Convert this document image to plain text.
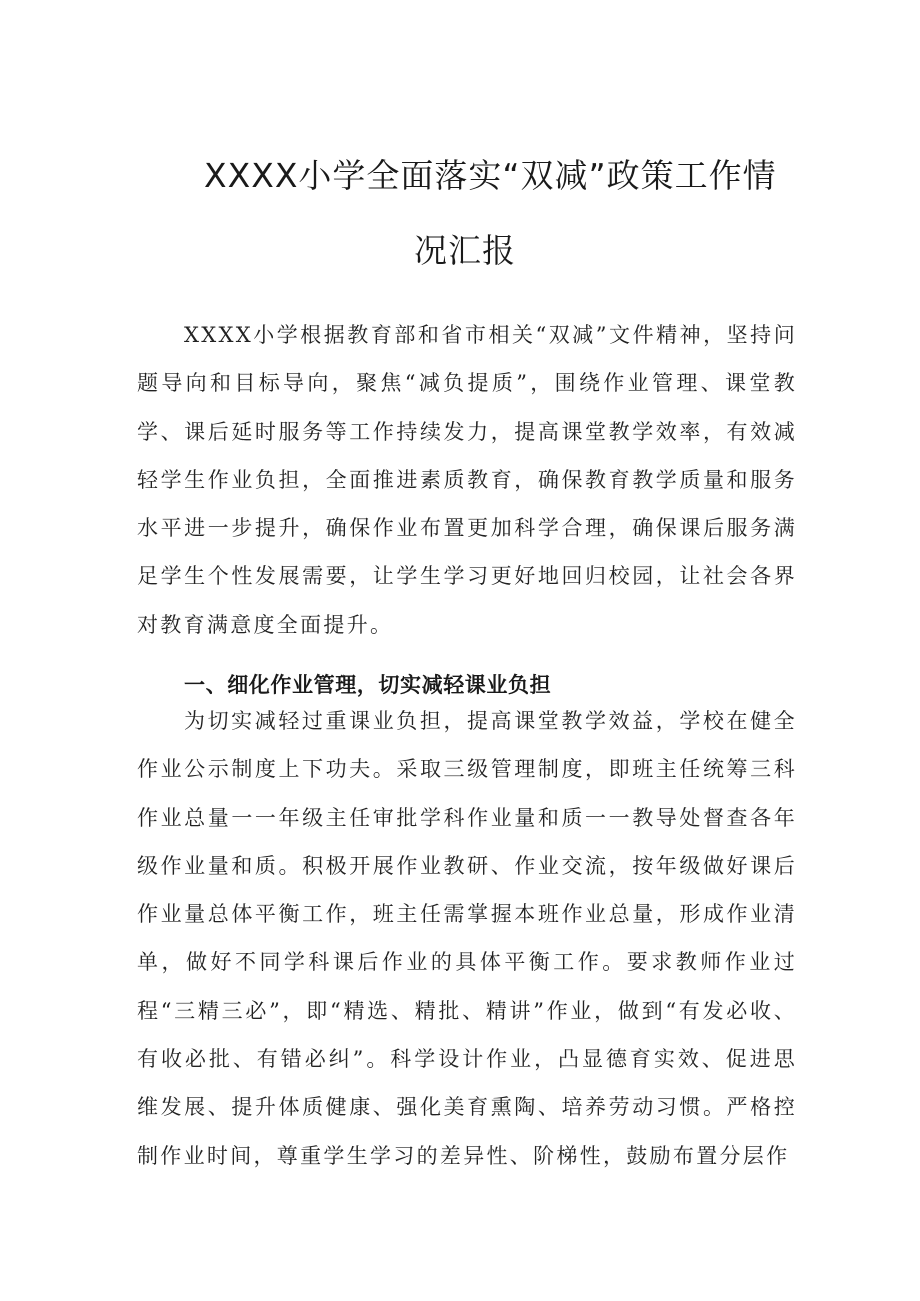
XXXX小学全面落实“双减”政策工作情
况汇报

XXXX小学根据教育部和省市相关“双减”文件精神，坚持问题导向和目标导向，聚焦“减负提质”，围绕作业管理、课堂教学、课后延时服务等工作持续发力，提高课堂教学效率，有效减轻学生作业负担，全面推进素质教育，确保教育教学质量和服务水平进一步提升，确保作业布置更加科学合理，确保课后服务满足学生个性发展需要，让学生学习更好地回归校园，让社会各界对教育满意度全面提升。

一、细化作业管理，切实减轻课业负担

为切实减轻过重课业负担，提高课堂教学效益，学校在健全作业公示制度上下功夫。采取三级管理制度，即班主任统筹三科作业总量一一年级主任审批学科作业量和质一一教导处督查各年级作业量和质。积极开展作业教研、作业交流，按年级做好课后作业量总体平衡工作，班主任需掌握本班作业总量，形成作业清单，做好不同学科课后作业的具体平衡工作。要求教师作业过程“三精三必”，即“精选、精批、精讲”作业，做到“有发必收、有收必批、有错必纠”。科学设计作业，凸显德育实效、促进思维发展、提升体质健康、强化美育熏陶、培养劳动习惯。严格控制作业时间，尊重学生学习的差异性、阶梯性，鼓励布置分层作
